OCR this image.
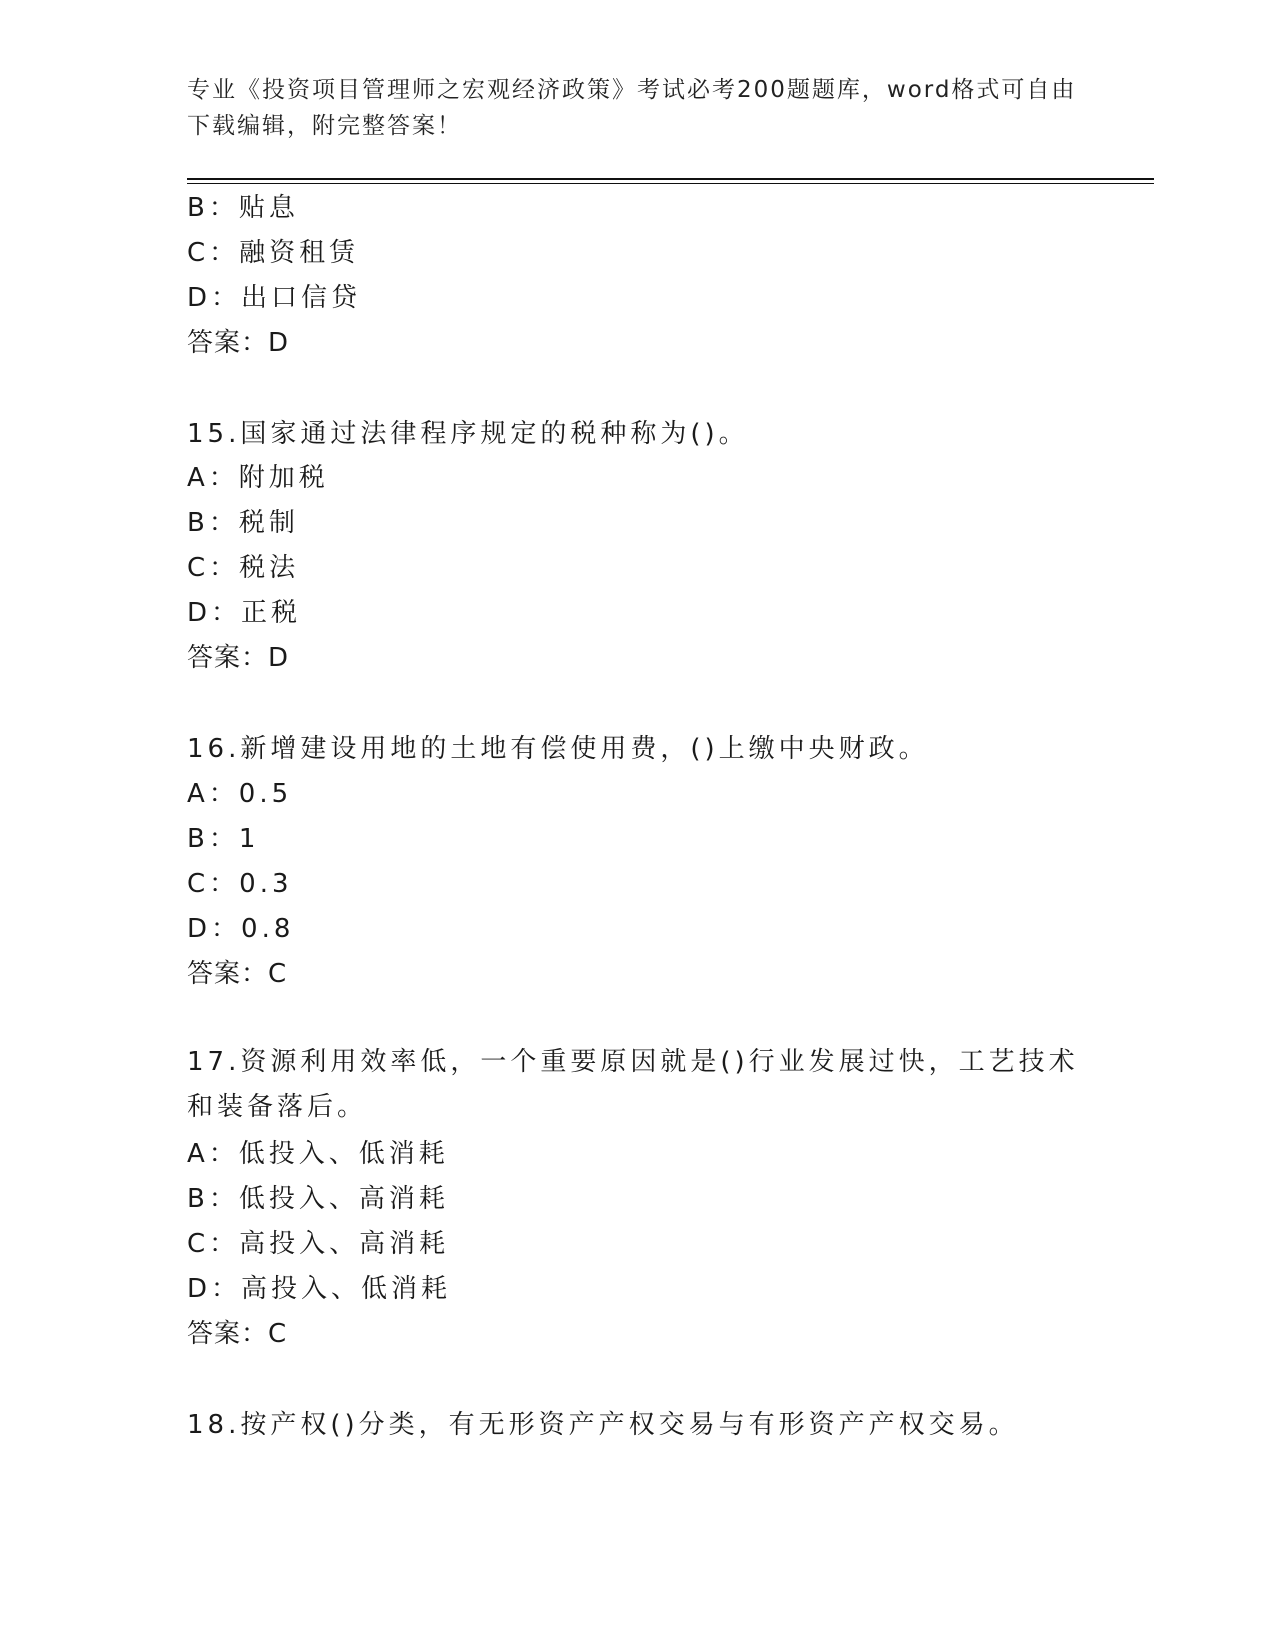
专业《投资项目管理师之宏观经济政策》考试必考200题题库，word格式可自由下载编辑，附完整答案！
B：贴息
C：融资租赁
D：出口信贷
答案：D
15.国家通过法律程序规定的税种称为()。
A：附加税
B：税制
C：税法
D：正税
答案：D
16.新增建设用地的土地有偿使用费，()上缴中央财政。
A：0.5
B：1
C：0.3
D：0.8
答案：C
17.资源利用效率低，一个重要原因就是()行业发展过快，工艺技术和装备落后。
A：低投入、低消耗
B：低投入、高消耗
C：高投入、高消耗
D：高投入、低消耗
答案：C
18.按产权()分类，有无形资产产权交易与有形资产产权交易。
